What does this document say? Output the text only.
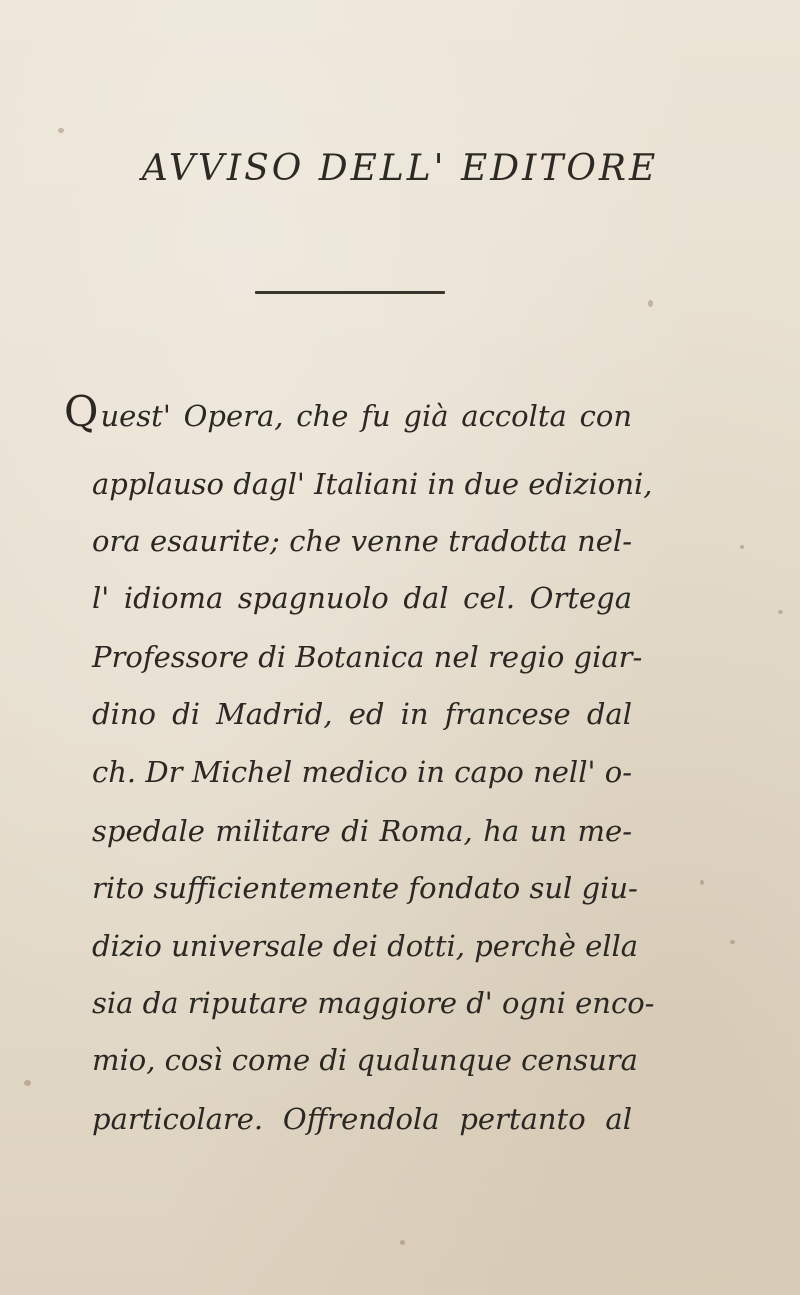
AVVISO DELL' EDITORE
Quest' Opera, che fu già accolta con
applauso dagl' Italiani in due edizioni,
ora esaurite; che venne tradotta nel-
l' idioma spagnuolo dal cel. Ortega
Professore di Botanica nel regio giar-
dino di Madrid, ed in francese dal
ch. Dr Michel medico in capo nell' o-
spedale militare di Roma, ha un me-
rito sufficientemente fondato sul giu-
dizio universale dei dotti, perchè ella
sia da riputare maggiore d' ogni enco-
mio, così come di qualunque censura
particolare. Offrendola pertanto al
